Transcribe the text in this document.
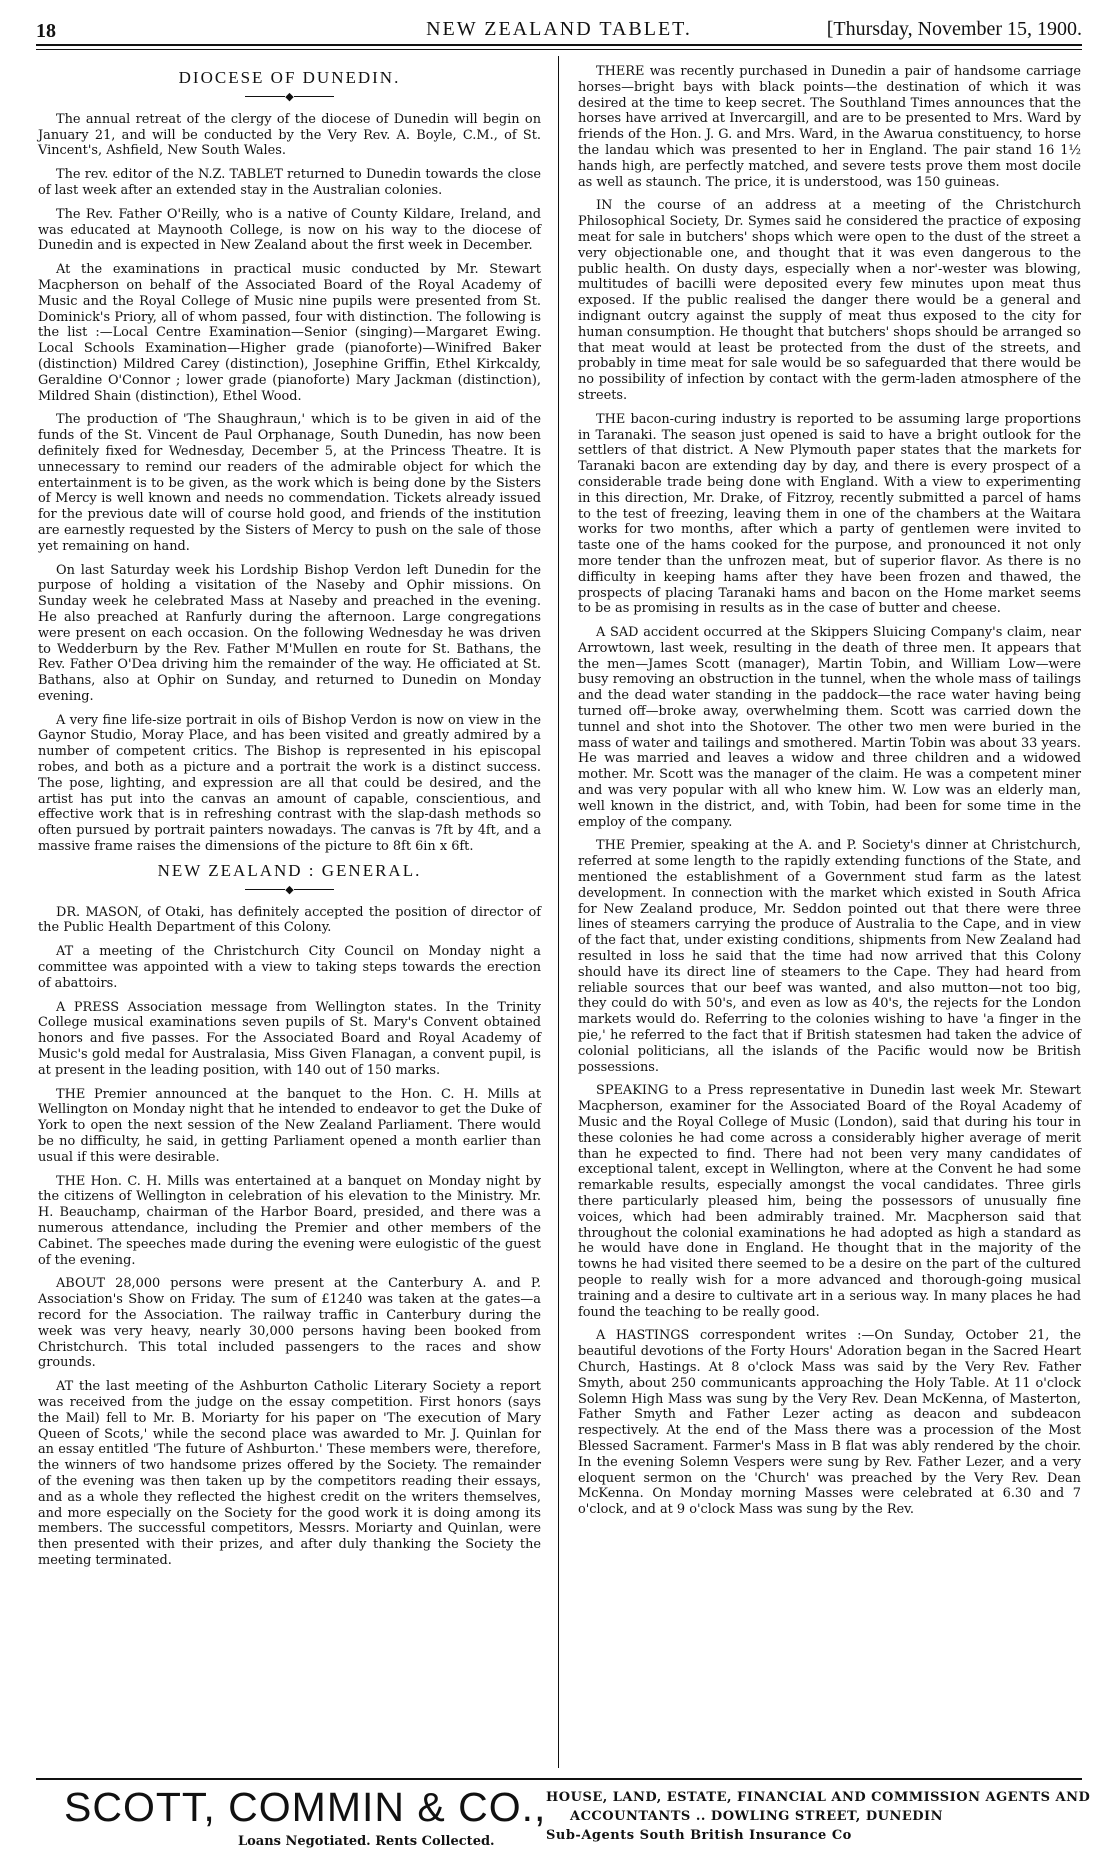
18	NEW ZEALAND TABLET.	[Thursday, November 15, 1900.
DIOCESE OF DUNEDIN.
◆

The annual retreat of the clergy of the diocese of Dunedin will begin on January 21, and will be conducted by the Very Rev. A. Boyle, C.M., of St. Vincent's, Ashfield, New South Wales.

The rev. editor of the N.Z. TABLET returned to Dunedin towards the close of last week after an extended stay in the Australian colonies.

The Rev. Father O'Reilly, who is a native of County Kildare, Ireland, and was educated at Maynooth College, is now on his way to the diocese of Dunedin and is expected in New Zealand about the first week in December.

At the examinations in practical music conducted by Mr. Stewart Macpherson on behalf of the Associated Board of the Royal Academy of Music and the Royal College of Music nine pupils were presented from St. Dominick's Priory, all of whom passed, four with distinction. The following is the list :—Local Centre Examination—Senior (singing)—Margaret Ewing. Local Schools Examination—Higher grade (pianoforte)—Winifred Baker (distinction) Mildred Carey (distinction), Josephine Griffin, Ethel Kirkcaldy, Geraldine O'Connor ; lower grade (pianoforte) Mary Jackman (distinction), Mildred Shain (distinction), Ethel Wood.

The production of 'The Shaughraun,' which is to be given in aid of the funds of the St. Vincent de Paul Orphanage, South Dunedin, has now been definitely fixed for Wednesday, December 5, at the Princess Theatre. It is unnecessary to remind our readers of the admirable object for which the entertainment is to be given, as the work which is being done by the Sisters of Mercy is well known and needs no commendation. Tickets already issued for the previous date will of course hold good, and friends of the institution are earnestly requested by the Sisters of Mercy to push on the sale of those yet remaining on hand.

On last Saturday week his Lordship Bishop Verdon left Dunedin for the purpose of holding a visitation of the Naseby and Ophir missions. On Sunday week he celebrated Mass at Naseby and preached in the evening. He also preached at Ranfurly during the afternoon. Large congregations were present on each occasion. On the following Wednesday he was driven to Wedderburn by the Rev. Father M'Mullen en route for St. Bathans, the Rev. Father O'Dea driving him the remainder of the way. He officiated at St. Bathans, also at Ophir on Sunday, and returned to Dunedin on Monday evening.

A very fine life-size portrait in oils of Bishop Verdon is now on view in the Gaynor Studio, Moray Place, and has been visited and greatly admired by a number of competent critics. The Bishop is represented in his episcopal robes, and both as a picture and a portrait the work is a distinct success. The pose, lighting, and expression are all that could be desired, and the artist has put into the canvas an amount of capable, conscientious, and effective work that is in refreshing contrast with the slap-dash methods so often pursued by portrait painters nowadays. The canvas is 7ft by 4ft, and a massive frame raises the dimensions of the picture to 8ft 6in x 6ft.

NEW ZEALAND : GENERAL.
◆

DR. MASON, of Otaki, has definitely accepted the position of director of the Public Health Department of this Colony.

AT a meeting of the Christchurch City Council on Monday night a committee was appointed with a view to taking steps towards the erection of abattoirs.

A PRESS Association message from Wellington states. In the Trinity College musical examinations seven pupils of St. Mary's Convent obtained honors and five passes. For the Associated Board and Royal Academy of Music's gold medal for Australasia, Miss Given Flanagan, a convent pupil, is at present in the leading position, with 140 out of 150 marks.

THE Premier announced at the banquet to the Hon. C. H. Mills at Wellington on Monday night that he intended to endeavor to get the Duke of York to open the next session of the New Zealand Parliament. There would be no difficulty, he said, in getting Parliament opened a month earlier than usual if this were desirable.

THE Hon. C. H. Mills was entertained at a banquet on Monday night by the citizens of Wellington in celebration of his elevation to the Ministry. Mr. H. Beauchamp, chairman of the Harbor Board, presided, and there was a numerous attendance, including the Premier and other members of the Cabinet. The speeches made during the evening were eulogistic of the guest of the evening.

ABOUT 28,000 persons were present at the Canterbury A. and P. Association's Show on Friday. The sum of £1240 was taken at the gates—a record for the Association. The railway traffic in Canterbury during the week was very heavy, nearly 30,000 persons having been booked from Christchurch. This total included passengers to the races and show grounds.

AT the last meeting of the Ashburton Catholic Literary Society a report was received from the judge on the essay competition. First honors (says the Mail) fell to Mr. B. Moriarty for his paper on 'The execution of Mary Queen of Scots,' while the second place was awarded to Mr. J. Quinlan for an essay entitled 'The future of Ashburton.' These members were, therefore, the winners of two handsome prizes offered by the Society. The remainder of the evening was then taken up by the competitors reading their essays, and as a whole they reflected the highest credit on the writers themselves, and more especially on the Society for the good work it is doing among its members. The successful competitors, Messrs. Moriarty and Quinlan, were then presented with their prizes, and after duly thanking the Society the meeting terminated.

THERE was recently purchased in Dunedin a pair of handsome carriage horses—bright bays with black points—the destination of which it was desired at the time to keep secret. The Southland Times announces that the horses have arrived at Invercargill, and are to be presented to Mrs. Ward by friends of the Hon. J. G. and Mrs. Ward, in the Awarua constituency, to horse the landau which was presented to her in England. The pair stand 16 1½ hands high, are perfectly matched, and severe tests prove them most docile as well as staunch. The price, it is understood, was 150 guineas.

IN the course of an address at a meeting of the Christchurch Philosophical Society, Dr. Symes said he considered the practice of exposing meat for sale in butchers' shops which were open to the dust of the street a very objectionable one, and thought that it was even dangerous to the public health. On dusty days, especially when a nor'-wester was blowing, multitudes of bacilli were deposited every few minutes upon meat thus exposed. If the public realised the danger there would be a general and indignant outcry against the supply of meat thus exposed to the city for human consumption. He thought that butchers' shops should be arranged so that meat would at least be protected from the dust of the streets, and probably in time meat for sale would be so safeguarded that there would be no possibility of infection by contact with the germ-laden atmosphere of the streets.

THE bacon-curing industry is reported to be assuming large proportions in Taranaki. The season just opened is said to have a bright outlook for the settlers of that district. A New Plymouth paper states that the markets for Taranaki bacon are extending day by day, and there is every prospect of a considerable trade being done with England. With a view to experimenting in this direction, Mr. Drake, of Fitzroy, recently submitted a parcel of hams to the test of freezing, leaving them in one of the chambers at the Waitara works for two months, after which a party of gentlemen were invited to taste one of the hams cooked for the purpose, and pronounced it not only more tender than the unfrozen meat, but of superior flavor. As there is no difficulty in keeping hams after they have been frozen and thawed, the prospects of placing Taranaki hams and bacon on the Home market seems to be as promising in results as in the case of butter and cheese.

A SAD accident occurred at the Skippers Sluicing Company's claim, near Arrowtown, last week, resulting in the death of three men. It appears that the men—James Scott (manager), Martin Tobin, and William Low—were busy removing an obstruction in the tunnel, when the whole mass of tailings and the dead water standing in the paddock—the race water having being turned off—broke away, overwhelming them. Scott was carried down the tunnel and shot into the Shotover. The other two men were buried in the mass of water and tailings and smothered. Martin Tobin was about 33 years. He was married and leaves a widow and three children and a widowed mother. Mr. Scott was the manager of the claim. He was a competent miner and was very popular with all who knew him. W. Low was an elderly man, well known in the district, and, with Tobin, had been for some time in the employ of the company.

THE Premier, speaking at the A. and P. Society's dinner at Christchurch, referred at some length to the rapidly extending functions of the State, and mentioned the establishment of a Government stud farm as the latest development. In connection with the market which existed in South Africa for New Zealand produce, Mr. Seddon pointed out that there were three lines of steamers carrying the produce of Australia to the Cape, and in view of the fact that, under existing conditions, shipments from New Zealand had resulted in loss he said that the time had now arrived that this Colony should have its direct line of steamers to the Cape. They had heard from reliable sources that our beef was wanted, and also mutton—not too big, they could do with 50's, and even as low as 40's, the rejects for the London markets would do. Referring to the colonies wishing to have 'a finger in the pie,' he referred to the fact that if British statesmen had taken the advice of colonial politicians, all the islands of the Pacific would now be British possessions.

SPEAKING to a Press representative in Dunedin last week Mr. Stewart Macpherson, examiner for the Associated Board of the Royal Academy of Music and the Royal College of Music (London), said that during his tour in these colonies he had come across a considerably higher average of merit than he expected to find. There had not been very many candidates of exceptional talent, except in Wellington, where at the Convent he had some remarkable results, especially amongst the vocal candidates. Three girls there particularly pleased him, being the possessors of unusually fine voices, which had been admirably trained. Mr. Macpherson said that throughout the colonial examinations he had adopted as high a standard as he would have done in England. He thought that in the majority of the towns he had visited there seemed to be a desire on the part of the cultured people to really wish for a more advanced and thorough-going musical training and a desire to cultivate art in a serious way. In many places he had found the teaching to be really good.

A HASTINGS correspondent writes :—On Sunday, October 21, the beautiful devotions of the Forty Hours' Adoration began in the Sacred Heart Church, Hastings. At 8 o'clock Mass was said by the Very Rev. Father Smyth, about 250 communicants approaching the Holy Table. At 11 o'clock Solemn High Mass was sung by the Very Rev. Dean McKenna, of Masterton, Father Smyth and Father Lezer acting as deacon and subdeacon respectively. At the end of the Mass there was a procession of the Most Blessed Sacrament. Farmer's Mass in B flat was ably rendered by the choir. In the evening Solemn Vespers were sung by Rev. Father Lezer, and a very eloquent sermon on the 'Church' was preached by the Very Rev. Dean McKenna. On Monday morning Masses were celebrated at 6.30 and 7 o'clock, and at 9 o'clock Mass was sung by the Rev.

SCOTT, COMMIN & CO.,
Loans Negotiated. Rents Collected.
HOUSE, LAND, ESTATE, FINANCIAL AND COMMISSION AGENTS AND
ACCOUNTANTS .. DOWLING STREET, DUNEDIN
Sub-Agents South British Insurance Co
